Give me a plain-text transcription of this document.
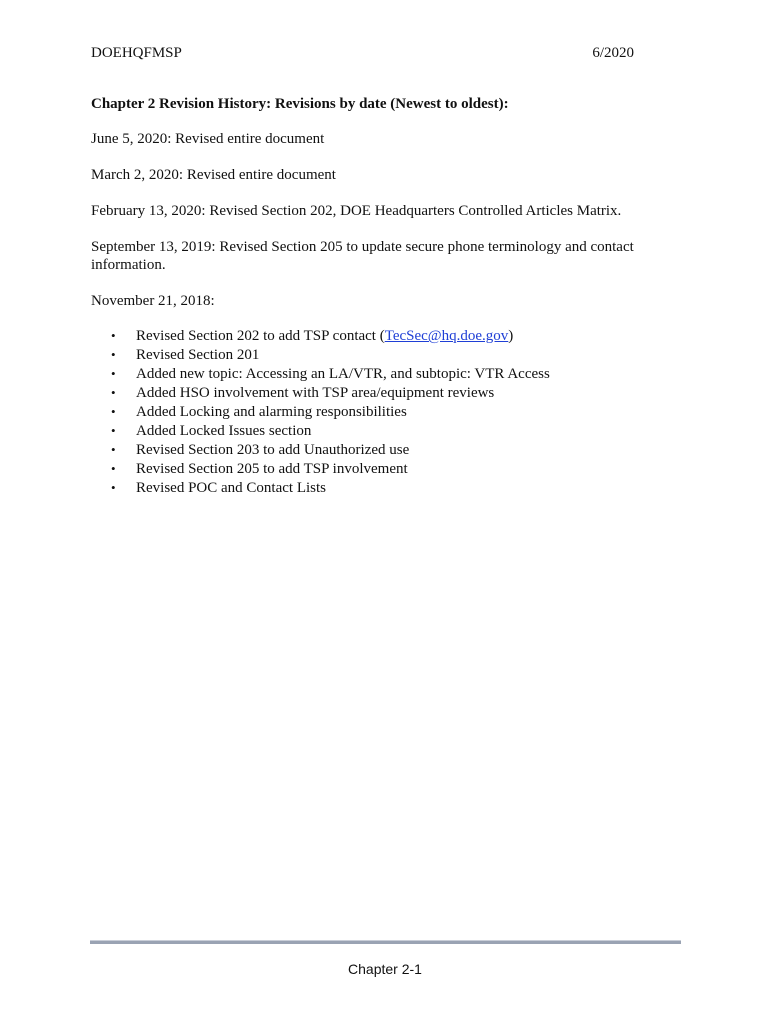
DOEHQFMSP	6/2020

Chapter 2 Revision History: Revisions by date (Newest to oldest):

June 5, 2020: Revised entire document

March 2, 2020: Revised entire document

February 13, 2020: Revised Section 202, DOE Headquarters Controlled Articles Matrix.

September 13, 2019: Revised Section 205 to update secure phone terminology and contact information.

November 21, 2018:

• Revised Section 202 to add TSP contact (TecSec@hq.doe.gov)
• Revised Section 201
• Added new topic: Accessing an LA/VTR, and subtopic: VTR Access
• Added HSO involvement with TSP area/equipment reviews
• Added Locking and alarming responsibilities
• Added Locked Issues section
• Revised Section 203 to add Unauthorized use
• Revised Section 205 to add TSP involvement
• Revised POC and Contact Lists
Chapter 2-1
